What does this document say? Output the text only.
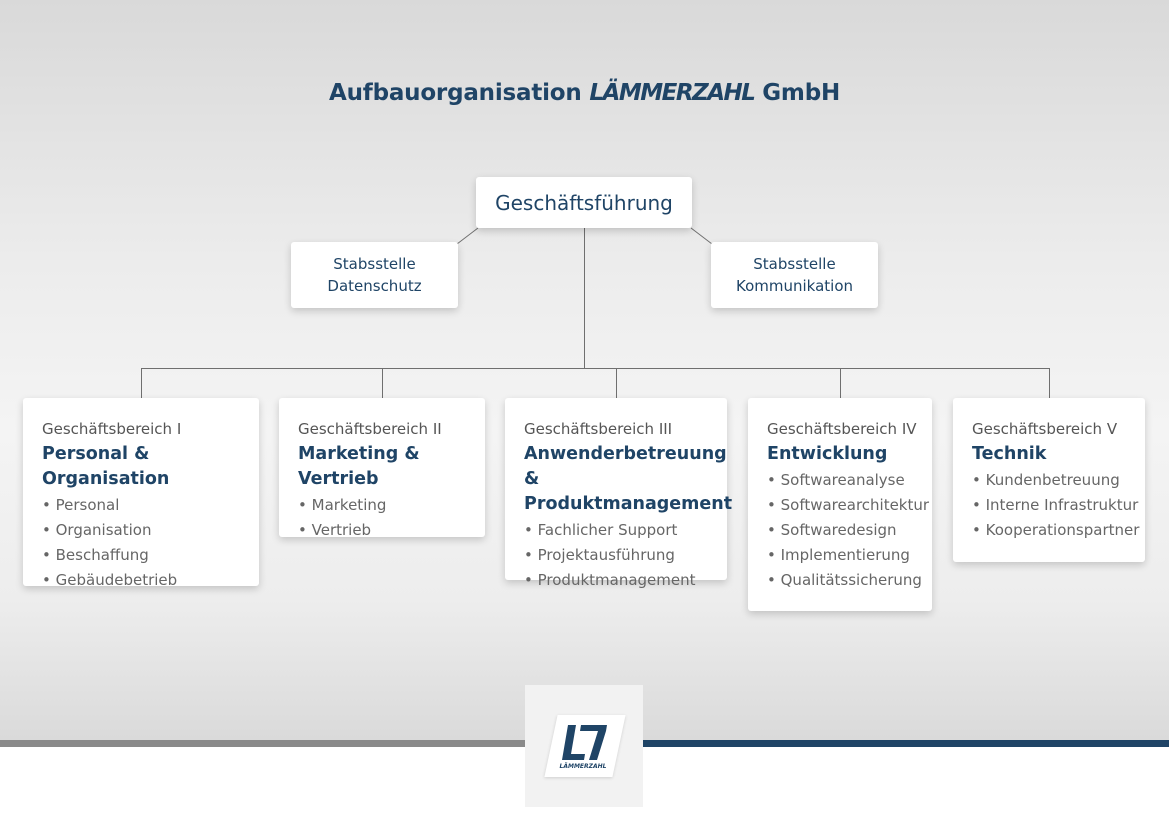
Aufbauorganisation LÄMMERZAHL GmbH
Geschäftsführung
Stabsstelle
Datenschutz
Stabsstelle
Kommunikation
Geschäftsbereich I
Personal & Organisation
• Personal
• Organisation
• Beschaffung
• Gebäudebetrieb
Geschäftsbereich II
Marketing & Vertrieb
• Marketing
• Vertrieb
Geschäftsbereich III
Anwenderbetreuung &
Produktmanagement
• Fachlicher Support
• Projektausführung
• Produktmanagement
Geschäftsbereich IV
Entwicklung
• Softwareanalyse
• Softwarearchitektur
• Softwaredesign
• Implementierung
• Qualitätssicherung
Geschäftsbereich V
Technik
• Kundenbetreuung
• Interne Infrastruktur
• Kooperationspartner
LÄMMERZAHL
